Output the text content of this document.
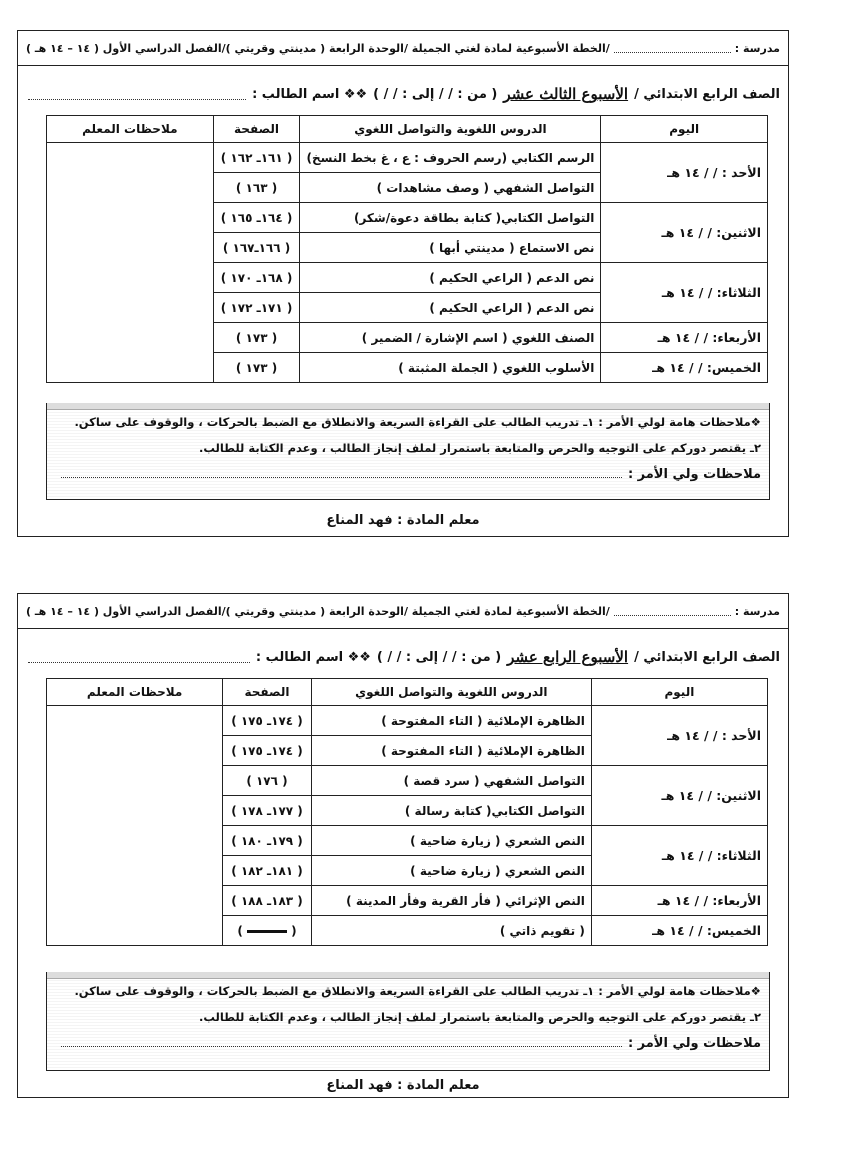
مدرسة :
/الخطة الأسبوعية لمادة لغتي الجميلة /الوحدة الرابعة ( مدينتي وقريتي )/الفصل الدراسي الأول ( ١٤ – ١٤ هـ )
الصف الرابع الابتدائي /
الأسبوع الثالث عشر
( من : / / إلى : / / )
❖❖ اسم الطالب :
اليوم	الدروس اللغوية والتواصل اللغوي	الصفحة	ملاحظات المعلم
الأحد : / / ١٤ هـ	الرسم الكتابي (رسم الحروف : ع ، غ بخط النسخ)	( ١٦١ـ ١٦٢ )	
	التواصل الشفهي ( وصف مشاهدات )	( ١٦٣ )	
الاثنين: / / ١٤ هـ	التواصل الكتابي( كتابة بطاقة دعوة/شكر)	( ١٦٤ـ ١٦٥ )	
	نص الاستماع ( مدينتي أبها )	( ١٦٦ـ١٦٧ )	
الثلاثاء: / / ١٤ هـ	نص الدعم ( الراعي الحكيم )	( ١٦٨ـ ١٧٠ )	
	نص الدعم ( الراعي الحكيم )	( ١٧١ـ ١٧٢ )	
الأربعاء: / / ١٤ هـ	الصنف اللغوي ( اسم الإشارة / الضمير )	( ١٧٣ )	
الخميس: / / ١٤ هـ	الأسلوب اللغوي ( الجملة المثبتة )	( ١٧٣ )	

❖ملاحظات هامة لولي الأمر : ١ـ تدريب الطالب على القراءة السريعة والانطلاق مع الضبط بالحركات ، والوقوف على ساكن.

٢ـ يقتصر دوركم على التوجيه والحرص والمتابعة باستمرار لملف إنجاز الطالب ، وعدم الكتابة للطالب.

ملاحظات ولي الأمر :

معلم المادة : فهد المناع
مدرسة :
/الخطة الأسبوعية لمادة لغتي الجميلة /الوحدة الرابعة ( مدينتي وقريتي )/الفصل الدراسي الأول ( ١٤ – ١٤ هـ )
الصف الرابع الابتدائي /
الأسبوع الرابع عشر
( من : / / إلى : / / )
❖❖ اسم الطالب :
اليوم	الدروس اللغوية والتواصل اللغوي	الصفحة	ملاحظات المعلم
الأحد : / / ١٤ هـ	الظاهرة الإملائية ( التاء المفتوحة )	( ١٧٤ـ ١٧٥ )	
	الظاهرة الإملائية ( التاء المفتوحة )	( ١٧٤ـ ١٧٥ )	
الاثنين: / / ١٤ هـ	التواصل الشفهي ( سرد قصة )	( ١٧٦ )	
	التواصل الكتابي( كتابة رسالة )	( ١٧٧ـ ١٧٨ )	
الثلاثاء: / / ١٤ هـ	النص الشعري ( زيارة ضاحية )	( ١٧٩ـ ١٨٠ )	
	النص الشعري ( زيارة ضاحية )	( ١٨١ـ ١٨٢ )	
الأربعاء: / / ١٤ هـ	النص الإثرائي ( فأر القرية وفأر المدينة )	( ١٨٣ـ ١٨٨ )	
الخميس: / / ١٤ هـ	( تقويم ذاتي )	(  )	

❖ملاحظات هامة لولي الأمر : ١ـ تدريب الطالب على القراءة السريعة والانطلاق مع الضبط بالحركات ، والوقوف على ساكن.

٢ـ يقتصر دوركم على التوجيه والحرص والمتابعة باستمرار لملف إنجاز الطالب ، وعدم الكتابة للطالب.

ملاحظات ولي الأمر :

معلم المادة : فهد المناع
